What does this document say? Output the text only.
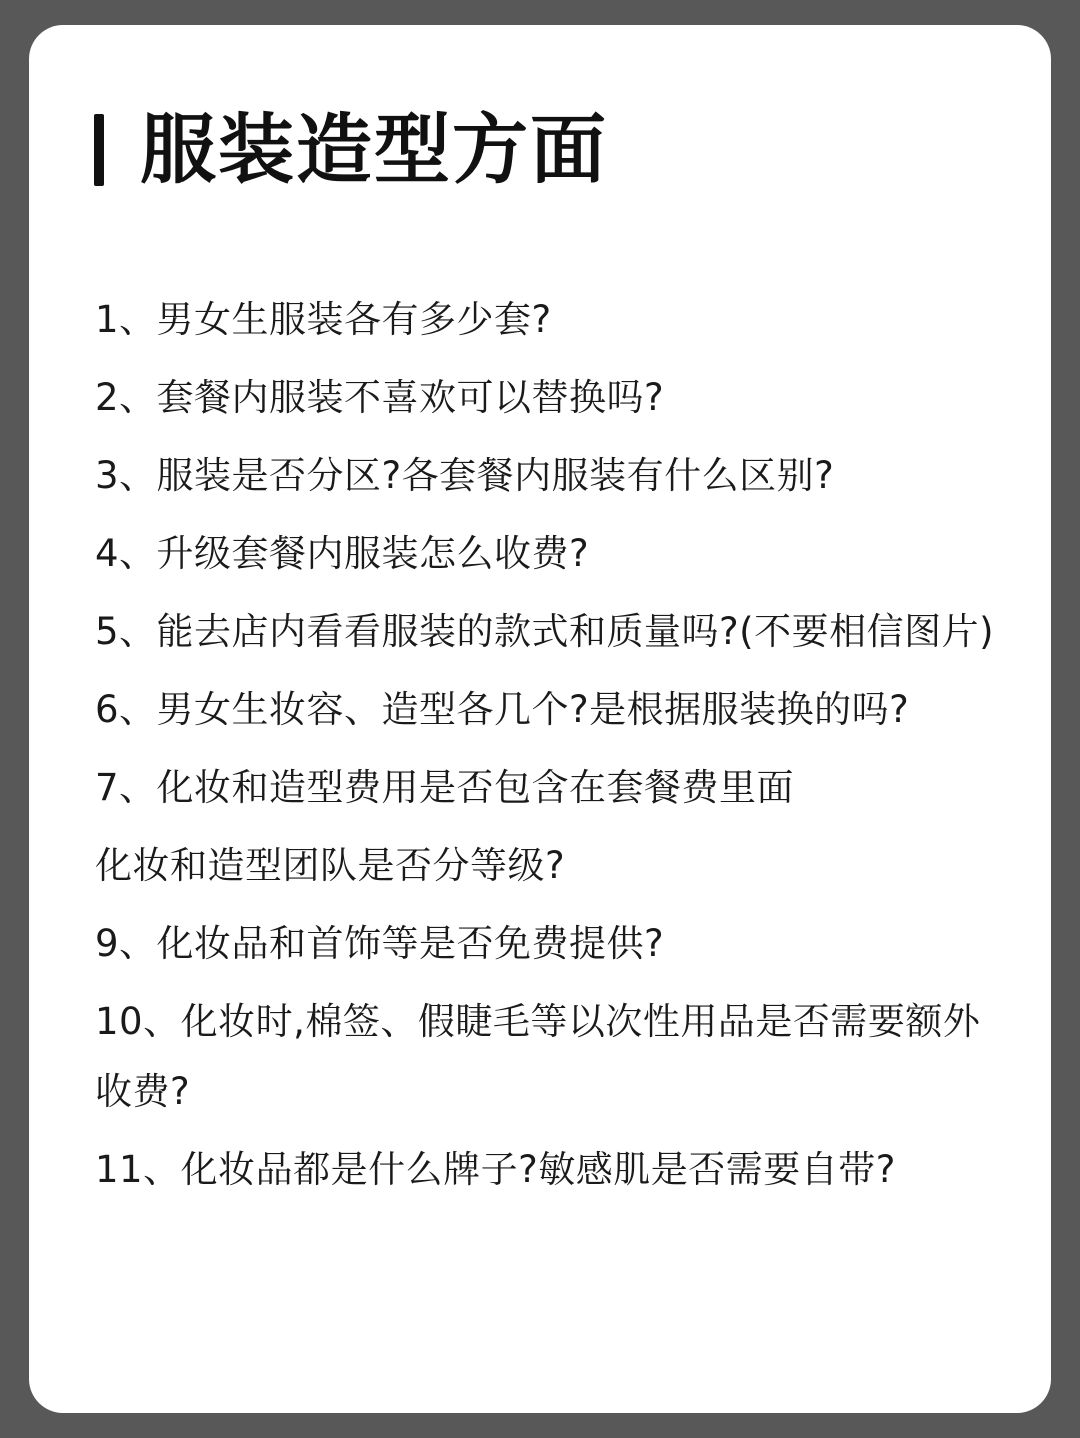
服装造型方面
1、男女生服装各有多少套?
2、套餐内服装不喜欢可以替换吗?
3、服装是否分区?各套餐内服装有什么区别?
4、升级套餐内服装怎么收费?
5、能去店内看看服装的款式和质量吗?(不要相信图片)
6、男女生妆容、造型各几个?是根据服装换的吗?
7、化妆和造型费用是否包含在套餐费里面
化妆和造型团队是否分等级?
9、化妆品和首饰等是否免费提供?
10、化妆时,棉签、假睫毛等以次性用品是否需要额外收费?
11、化妆品都是什么牌子?敏感肌是否需要自带?
